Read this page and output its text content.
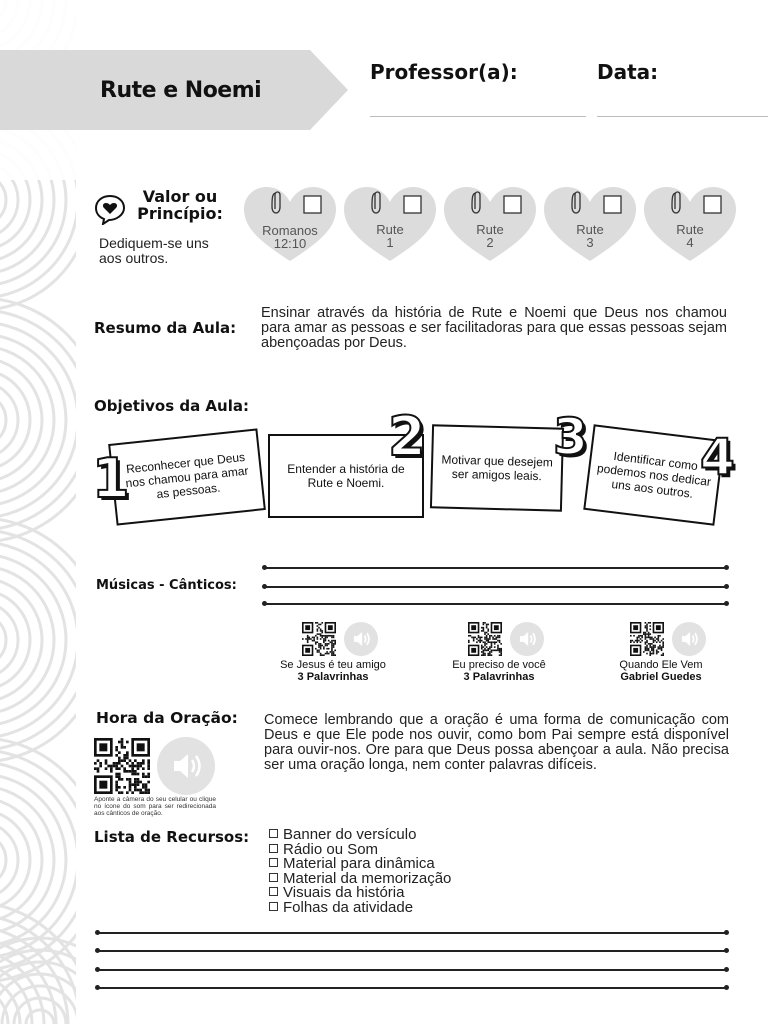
Rute e Noemi
Professor(a):	Data:
Valor ou
Princípio:
Dediquem-se uns
aos outros.
Romanos
12:10
Rute
1
Rute
2
Rute
3
Rute
4
Resumo da Aula:
Ensinar através da história de Rute e Noemi que Deus nos chamou para amar as pessoas e ser facilitadoras para que essas pessoas sejam abençoadas por Deus.
Objetivos da Aula:
Reconhecer que Deus nos chamou para amar as pessoas.
1	Entender a história de Rute e Noemi.
2 Motivar que desejem ser amigos leais.
3	Identificar como podemos nos dedicar uns aos outros.
4
Músicas - Cânticos:
Se Jesus é teu amigo
3 Palavrinhas
Eu preciso de você
3 Palavrinhas
Quando Ele Vem
Gabriel Guedes
Hora da Oração:
Aponte a câmera do seu celular ou clique no ícone do som para ser redirecionada aos cânticos de oração.
Comece lembrando que a oração é uma forma de comunicação com Deus e que Ele pode nos ouvir, como bom Pai sempre está disponível para ouvir-nos. Ore para que Deus possa abençoar a aula. Não precisa ser uma oração longa, nem conter palavras difíceis.
Lista de Recursos:	Banner do versículo
Rádio ou Som
Material para dinâmica
Material da memorização
Visuais da história
Folhas da atividade
